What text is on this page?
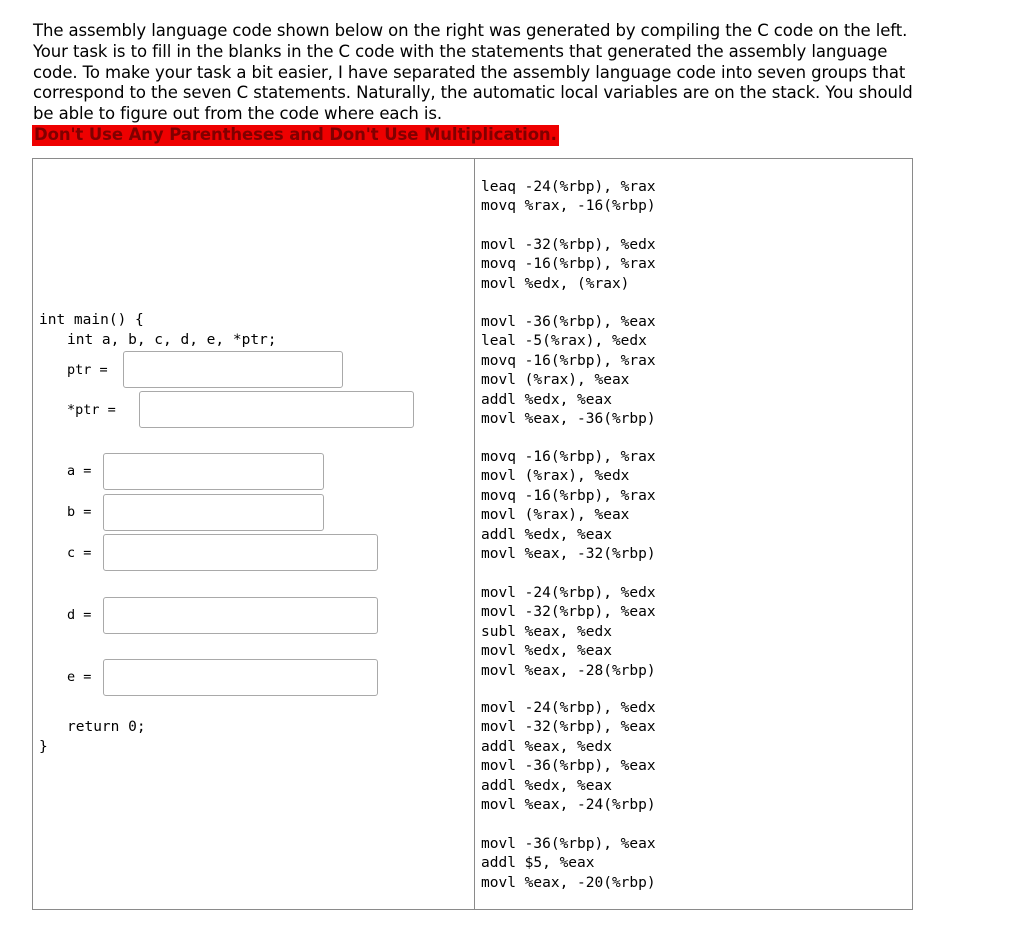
The assembly language code shown below on the right was generated by compiling the C code on the left.

Your task is to fill in the blanks in the C code with the statements that generated the assembly language

code. To make your task a bit easier, I have separated the assembly language code into seven groups that

correspond to the seven C statements. Naturally, the automatic local variables are on the stack. You should

be able to figure out from the code where each is.

Don't Use Any Parentheses and Don't Use Multiplication.

int main() {
int a, b, c, d, e, *ptr;
ptr =
*ptr =
a =
b =
c =
d =
e =
return 0;
}
leaq -24(%rbp), %rax
movq %rax, -16(%rbp)
movl -32(%rbp), %edx
movq -16(%rbp), %rax
movl %edx, (%rax)
movl -36(%rbp), %eax
leal -5(%rax), %edx
movq -16(%rbp), %rax
movl (%rax), %eax
addl %edx, %eax
movl %eax, -36(%rbp)
movq -16(%rbp), %rax
movl (%rax), %edx
movq -16(%rbp), %rax
movl (%rax), %eax
addl %edx, %eax
movl %eax, -32(%rbp)
movl -24(%rbp), %edx
movl -32(%rbp), %eax
subl %eax, %edx
movl %edx, %eax
movl %eax, -28(%rbp)
movl -24(%rbp), %edx
movl -32(%rbp), %eax
addl %eax, %edx
movl -36(%rbp), %eax
addl %edx, %eax
movl %eax, -24(%rbp)
movl -36(%rbp), %eax
addl $5, %eax
movl %eax, -20(%rbp)
